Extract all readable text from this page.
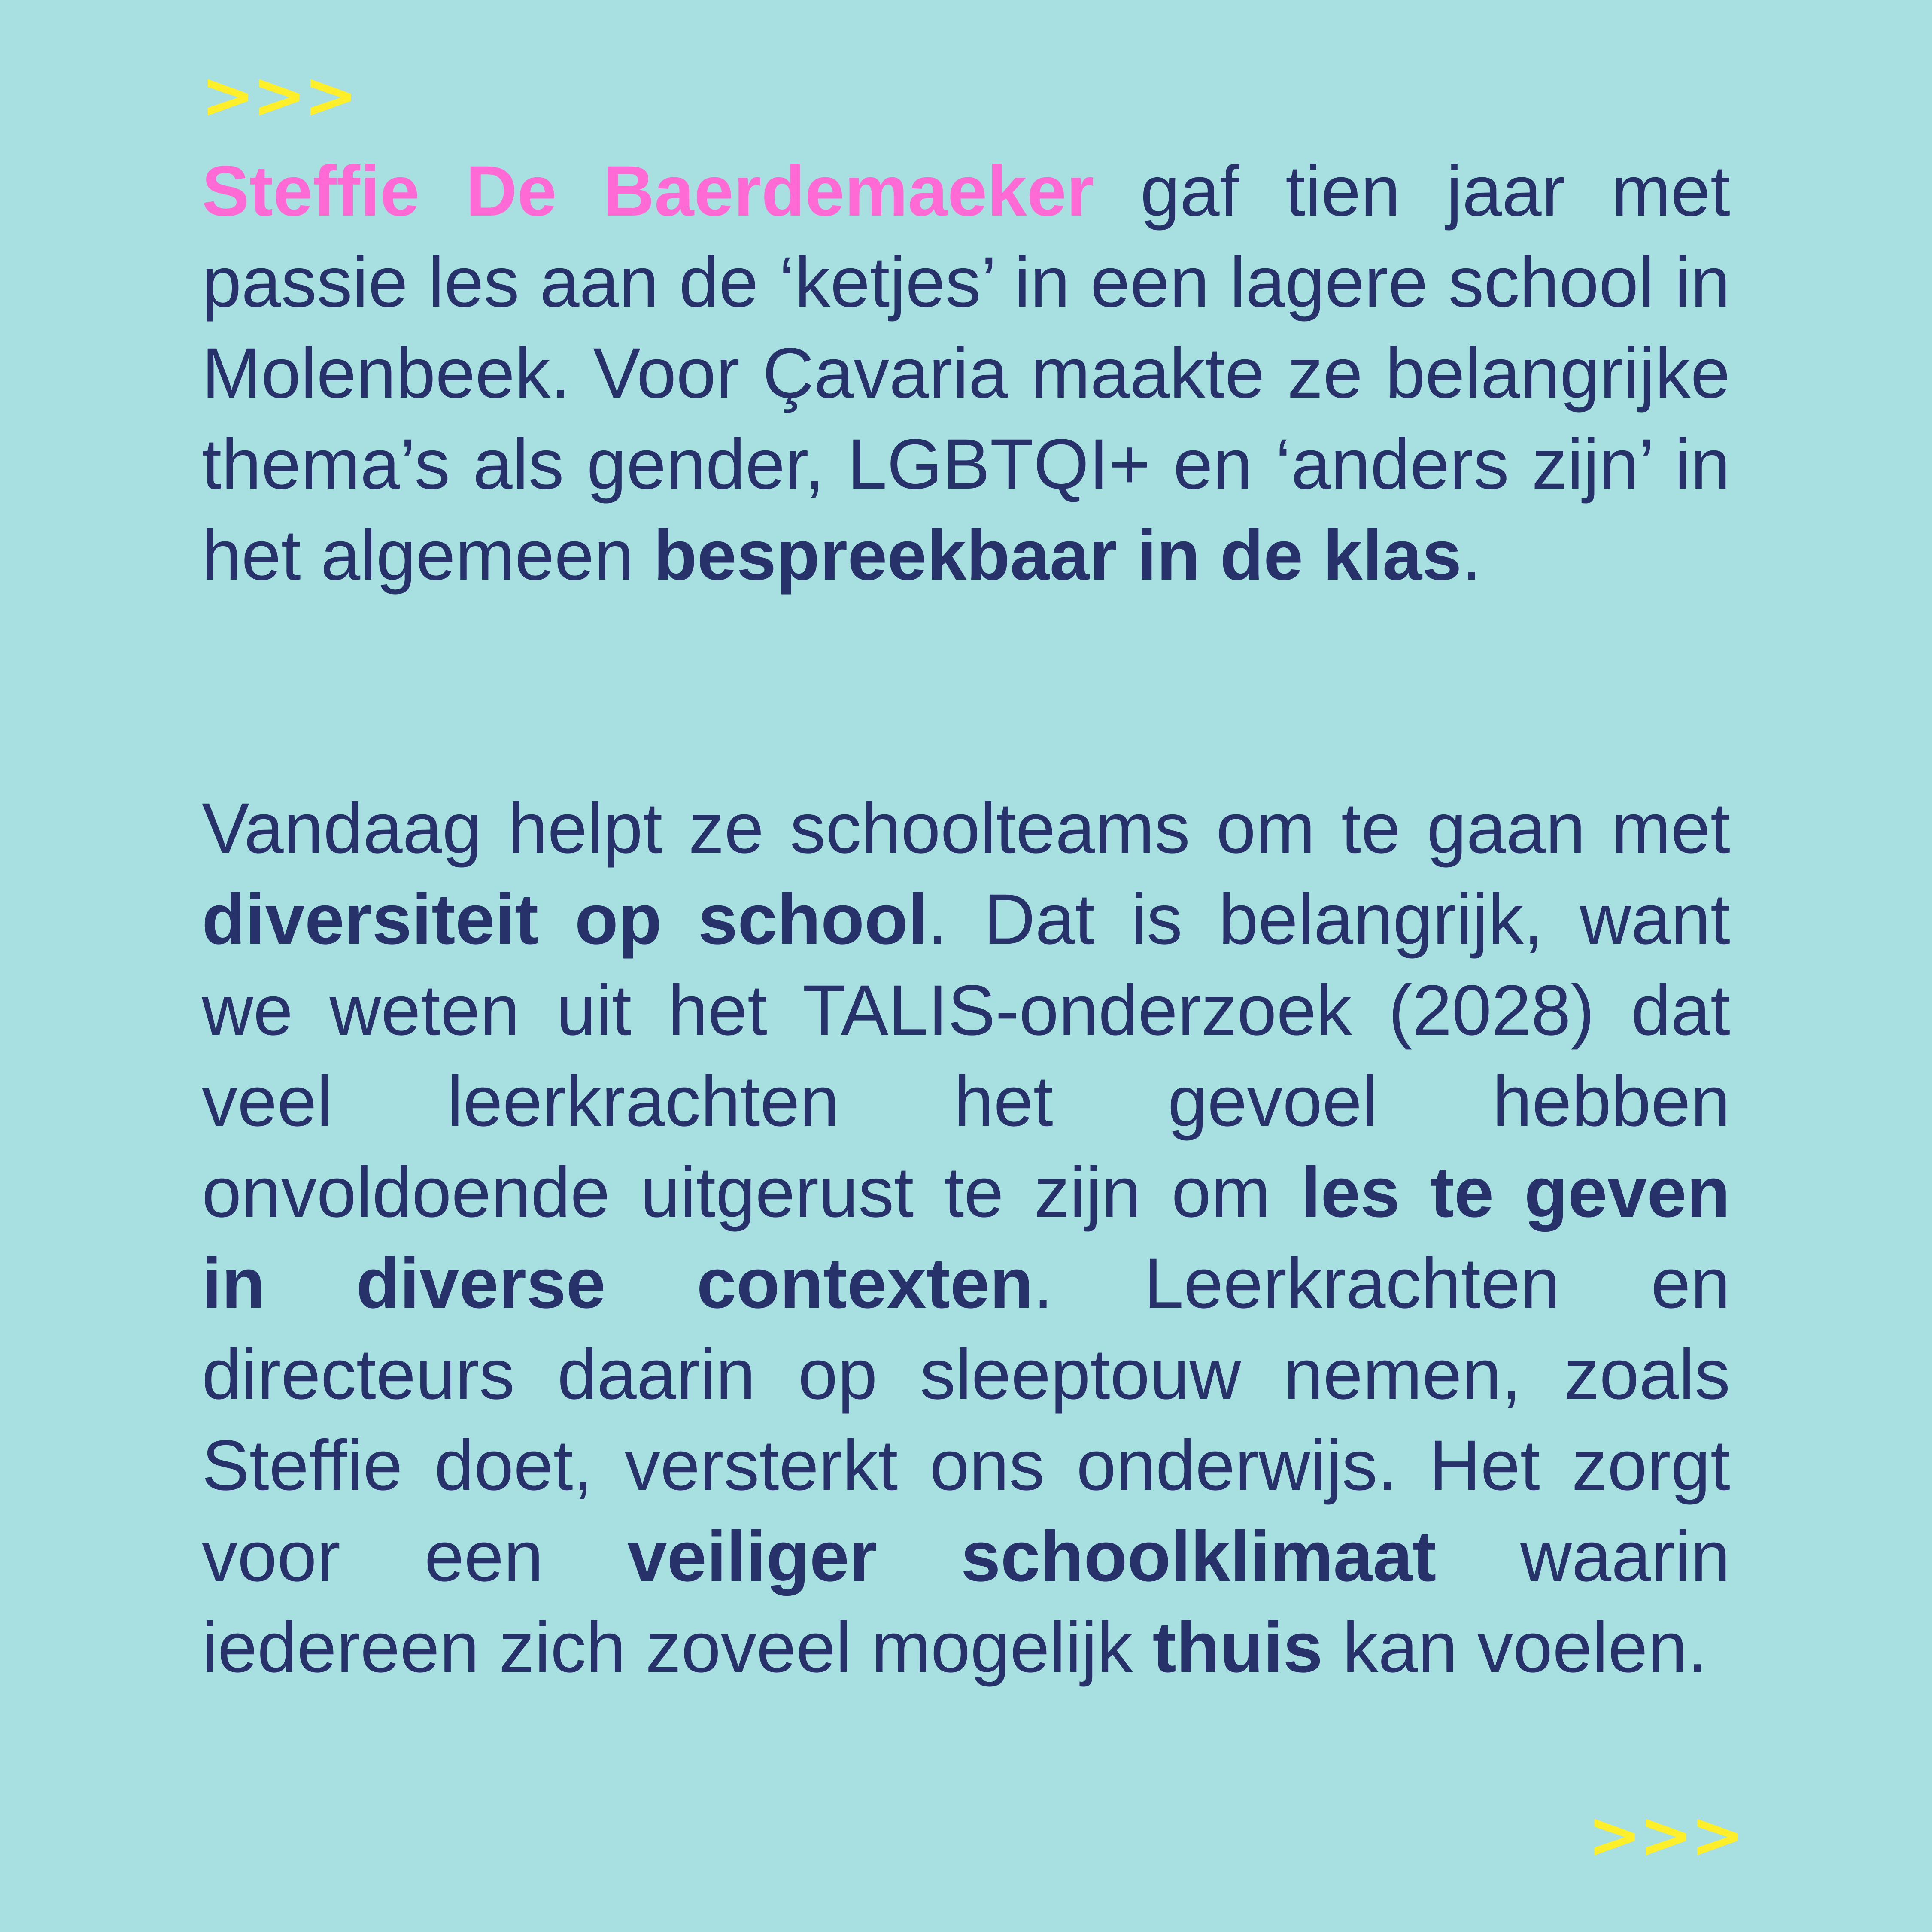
>>>

Steffie De Baerdemaeker gaf tien jaar met passie les aan de ‘ketjes’ in een lagere school in Molenbeek. Voor Çavaria maakte ze belangrijke thema’s als gender, LGBTQI+ en ‘anders zijn’ in het algemeen bespreekbaar in de klas.

Vandaag helpt ze schoolteams om te gaan met diversiteit op school. Dat is belangrijk, want we weten uit het TALIS-onderzoek (2028) dat veel leerkrachten het gevoel hebben onvoldoende uitgerust te zijn om les te geven in diverse contexten. Leerkrachten en directeurs daarin op sleeptouw nemen, zoals Steffie doet, versterkt ons onderwijs. Het zorgt voor een veiliger schoolklimaat waarin iedereen zich zoveel mogelijk thuis kan voelen.

>>>
